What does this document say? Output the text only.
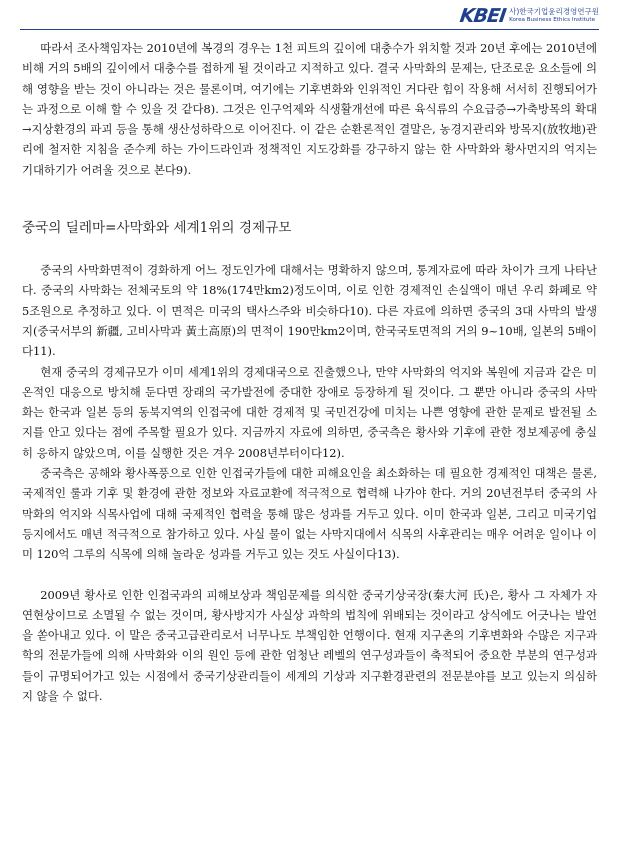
KBEI 사)한국기업윤리경영연구원
Korea Business Ethics Institute

따라서 조사책임자는 2010년에 복경의 경우는 1천 피트의 깊이에 대충수가 위치할 것과 20년 후에는 2010년에 비해 거의 5배의 깊이에서 대충수를 접하게 될 것이라고 지적하고 있다. 결국 사막화의 문제는, 단조로운 요소들에 의해 영향을 받는 것이 아니라는 것은 물론이며, 여기에는 기후변화와 인위적인 거다란 힘이 작용해 서서히 진행되어가는 과정으로 이해 할 수 있을 것 같다8). 그것은 인구억제와 식생활개선에 따른 육식류의 수요급증→가축방목의 확대→지상환경의 파괴 등을 통해 생산성하락으로 이어진다. 이 같은 순환론적인 결말은, 농경지관리와 방목지(放牧地)관리에 철저한 지침을 준수케 하는 가이드라인과 정책적인 지도강화를 강구하지 않는 한 사막화와 황사먼지의 억지는 기대하기가 어려울 것으로 본다9).

중국의 딜레마=사막화와 세계1위의 경제규모

중국의 사막화면적이 경화하게 어느 정도인가에 대해서는 명확하지 않으며, 통계자료에 따라 차이가 크게 나타난다. 중국의 사막화는 전체국토의 약 18%(174만km2)정도이며, 이로 인한 경제적인 손실액이 매년 우리 화폐로 약 5조원으로 추정하고 있다. 이 면적은 미국의 택사스주와 비슷하다10). 다른 자료에 의하면 중국의 3대 사막의 발생지(중국서부의 新疆, 고비사막과 黃土高原)의 면적이 190만km2이며, 한국국토면적의 거의 9~10배, 일본의 5배이다11).

현재 중국의 경제규모가 이미 세계1위의 경제대국으로 진출했으나, 만약 사막화의 억지와 복원에 지금과 같은 미온적인 대응으로 방치해 둔다면 장래의 국가발전에 중대한 장애로 등장하게 될 것이다. 그 뿐만 아니라 중국의 사막화는 한국과 일본 등의 동북지역의 인접국에 대한 경제적 및 국민건강에 미치는 나쁜 영향에 관한 문제로 발전될 소지를 안고 있다는 점에 주목할 필요가 있다. 지금까지 자료에 의하면, 중국측은 황사와 기후에 관한 정보제공에 충실히 응하지 않았으며, 이를 실행한 것은 겨우 2008년부터이다12).

중국측은 공해와 황사폭풍으로 인한 인접국가들에 대한 피해요인을 최소화하는 데 필요한 경제적인 대책은 물론, 국제적인 룰과 기후 및 환경에 관한 정보와 자료교환에 적극적으로 협력해 나가야 한다. 거의 20년전부터 중국의 사막화의 억지와 식목사업에 대해 국제적인 협력을 통해 많은 성과를 거두고 있다. 이미 한국과 일본, 그리고 미국기업 등지에서도 매년 적극적으로 참가하고 있다. 사실 물이 없는 사막지대에서 식목의 사후관리는 매우 어려운 일이나 이미 120억 그루의 식목에 의해 놀라운 성과를 거두고 있는 것도 사실이다13).

2009년 황사로 인한 인접국과의 피해보상과 책임문제를 의식한 중국기상국장(秦大河 氏)은, 황사 그 자체가 자연현상이므로 소멸될 수 없는 것이며, 황사방지가 사실상 과학의 법칙에 위배되는 것이라고 상식에도 어긋나는 발언을 쏟아내고 있다. 이 말은 중국고급관리로서 너무나도 부책임한 언행이다. 현재 지구촌의 기후변화와 수많은 지구과학의 전문가들에 의해 사막화와 이의 원인 등에 관한 엄청난 레벨의 연구성과들이 축적되어 중요한 부분의 연구성과들이 규명되어가고 있는 시점에서 중국기상관리들이 세계의 기상과 지구환경관련의 전문분야를 보고 있는지 의심하지 않을 수 없다.
